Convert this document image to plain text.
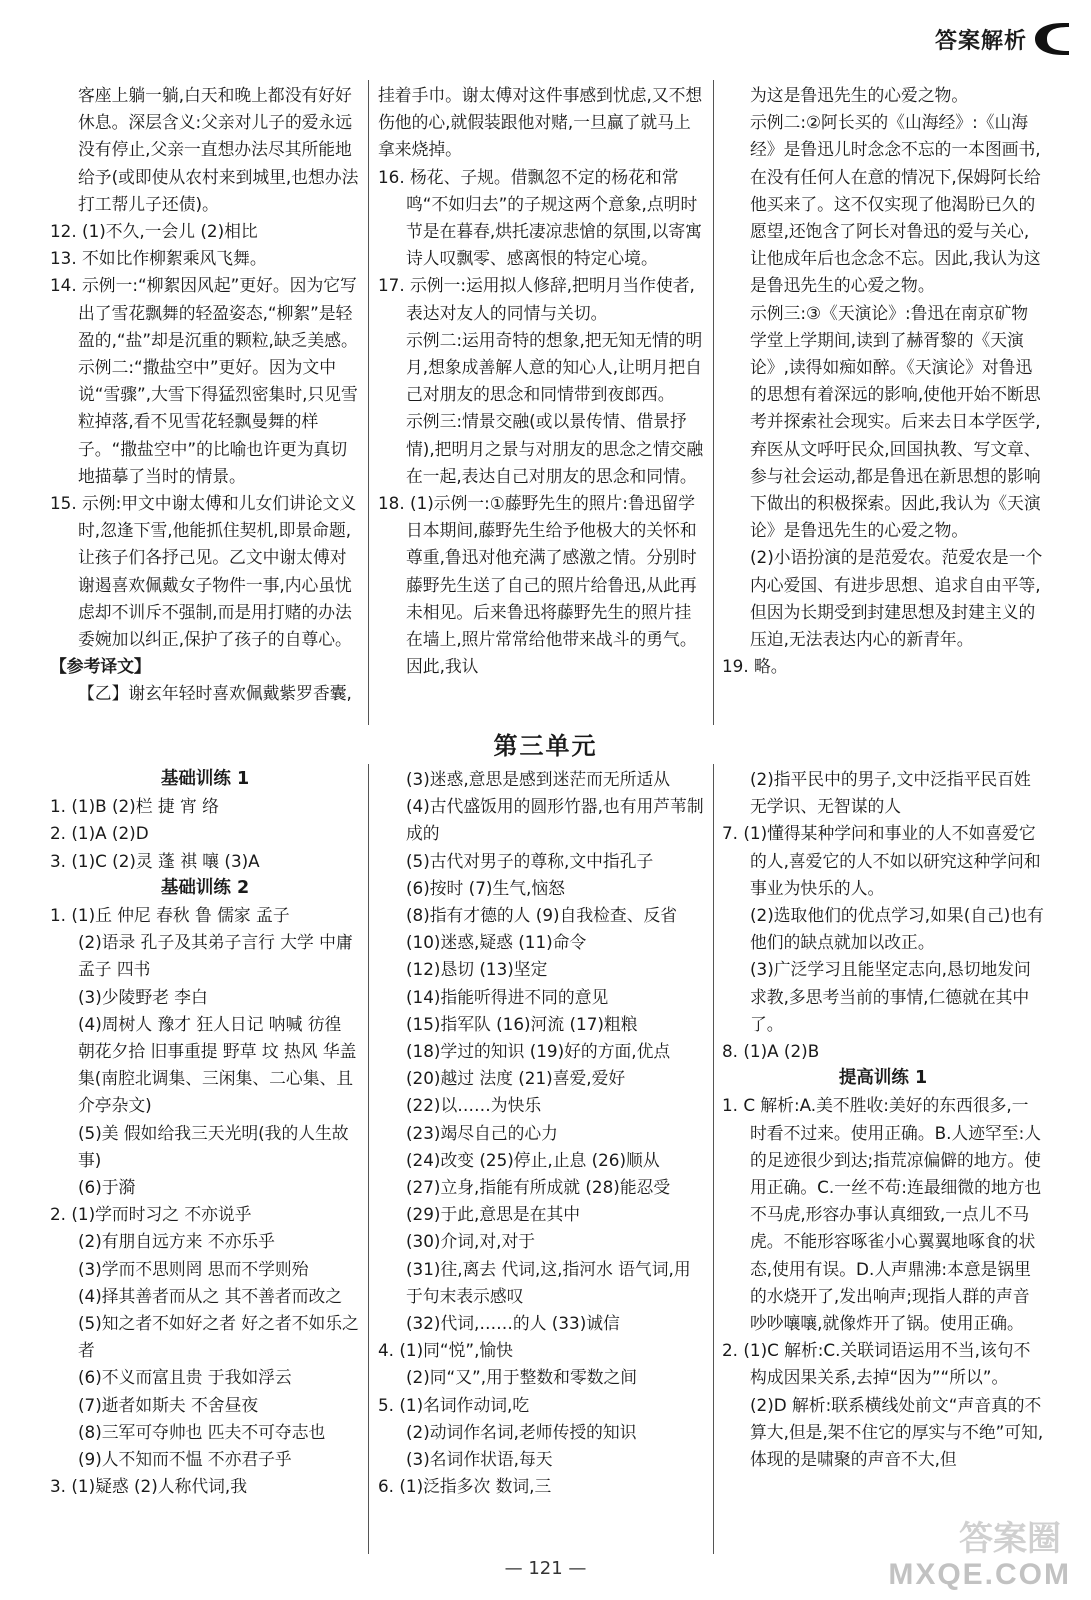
答案解析

客座上躺一躺,白天和晚上都没有好好休息。深层含义:父亲对儿子的爱永远没有停止,父亲一直想办法尽其所能地给予(或即使从农村来到城里,也想办法打工帮儿子还债)。

12. (1)不久,一会儿 (2)相比

13. 不如比作柳絮乘风飞舞。

14. 示例一:“柳絮因风起”更好。因为它写出了雪花飘舞的轻盈姿态,“柳絮”是轻盈的,“盐”却是沉重的颗粒,缺乏美感。

示例二:“撒盐空中”更好。因为文中说“雪骤”,大雪下得猛烈密集时,只见雪粒掉落,看不见雪花轻飘曼舞的样子。“撒盐空中”的比喻也许更为真切地描摹了当时的情景。

15. 示例:甲文中谢太傅和儿女们讲论文义时,忽逢下雪,他能抓住契机,即景命题,让孩子们各抒己见。乙文中谢太傅对谢遏喜欢佩戴女子物件一事,内心虽忧虑却不训斥不强制,而是用打赌的办法委婉加以纠正,保护了孩子的自尊心。

【参考译文】

【乙】谢玄年轻时喜欢佩戴紫罗香囊,

挂着手巾。谢太傅对这件事感到忧虑,又不想伤他的心,就假装跟他对赌,一旦赢了就马上拿来烧掉。

16. 杨花、子规。借飘忽不定的杨花和常鸣“不如归去”的子规这两个意象,点明时节是在暮春,烘托凄凉悲愴的氛围,以寄寓诗人叹飘零、感离恨的特定心境。

17. 示例一:运用拟人修辞,把明月当作使者,表达对友人的同情与关切。

示例二:运用奇特的想象,把无知无情的明月,想象成善解人意的知心人,让明月把自己对朋友的思念和同情带到夜郎西。

示例三:情景交融(或以景传情、借景抒情),把明月之景与对朋友的思念之情交融在一起,表达自己对朋友的思念和同情。

18. (1)示例一:①藤野先生的照片:鲁迅留学日本期间,藤野先生给予他极大的关怀和尊重,鲁迅对他充满了感激之情。分别时藤野先生送了自己的照片给鲁迅,从此再未相见。后来鲁迅将藤野先生的照片挂在墙上,照片常常给他带来战斗的勇气。因此,我认

为这是鲁迅先生的心爱之物。

示例二:②阿长买的《山海经》:《山海经》是鲁迅儿时念念不忘的一本图画书,在没有任何人在意的情况下,保姆阿长给他买来了。这不仅实现了他渴盼已久的愿望,还饱含了阿长对鲁迅的爱与关心,让他成年后也念念不忘。因此,我认为这是鲁迅先生的心爱之物。

示例三:③《天演论》:鲁迅在南京矿物学堂上学期间,读到了赫胥黎的《天演论》,读得如痴如醉。《天演论》对鲁迅的思想有着深远的影响,使他开始不断思考并探索社会现实。后来去日本学医学,弃医从文呼吁民众,回国执教、写文章、参与社会运动,都是鲁迅在新思想的影响下做出的积极探索。因此,我认为《天演论》是鲁迅先生的心爱之物。

(2)小语扮演的是范爱农。范爱农是一个内心爱国、有进步思想、追求自由平等,但因为长期受到封建思想及封建主义的压迫,无法表达内心的新青年。

19. 略。

第三单元

基础训练 1

1. (1)B (2)栏 捷 宵 络

2. (1)A (2)D

3. (1)C (2)灵 蓬 祺 嚷 (3)A

基础训练 2

1. (1)丘 仲尼 春秋 鲁 儒家 孟子

(2)语录 孔子及其弟子言行 大学 中庸 孟子 四书

(3)少陵野老 李白

(4)周树人 豫才 狂人日记 呐喊 彷徨 朝花夕拾 旧事重提 野草 坟 热风 华盖集(南腔北调集、三闲集、二心集、且介亭杂文)

(5)美 假如给我三天光明(我的人生故事)

(6)于漪

2. (1)学而时习之 不亦说乎

(2)有朋自远方来 不亦乐乎

(3)学而不思则罔 思而不学则殆

(4)择其善者而从之 其不善者而改之

(5)知之者不如好之者 好之者不如乐之者

(6)不义而富且贵 于我如浮云

(7)逝者如斯夫 不舍昼夜

(8)三军可夺帅也 匹夫不可夺志也

(9)人不知而不愠 不亦君子乎

3. (1)疑惑 (2)人称代词,我

(3)迷惑,意思是感到迷茫而无所适从

(4)古代盛饭用的圆形竹器,也有用芦苇制成的

(5)古代对男子的尊称,文中指孔子

(6)按时 (7)生气,恼怒

(8)指有才德的人 (9)自我检查、反省

(10)迷惑,疑惑 (11)命令

(12)恳切 (13)坚定

(14)指能听得进不同的意见

(15)指军队 (16)河流 (17)粗粮

(18)学过的知识 (19)好的方面,优点

(20)越过 法度 (21)喜爱,爱好

(22)以……为快乐

(23)竭尽自己的心力

(24)改变 (25)停止,止息 (26)顺从

(27)立身,指能有所成就 (28)能忍受

(29)于此,意思是在其中

(30)介词,对,对于

(31)往,离去 代词,这,指河水 语气词,用于句末表示感叹

(32)代词,……的人 (33)诚信

4. (1)同“悦”,愉快

(2)同“又”,用于整数和零数之间

5. (1)名词作动词,吃

(2)动词作名词,老师传授的知识

(3)名词作状语,每天

6. (1)泛指多次 数词,三

(2)指平民中的男子,文中泛指平民百姓无学识、无智谋的人

7. (1)懂得某种学问和事业的人不如喜爱它的人,喜爱它的人不如以研究这种学问和事业为快乐的人。

(2)选取他们的优点学习,如果(自己)也有他们的缺点就加以改正。

(3)广泛学习且能坚定志向,恳切地发问求教,多思考当前的事情,仁德就在其中了。

8. (1)A (2)B

提高训练 1

1. C 解析:A.美不胜收:美好的东西很多,一时看不过来。使用正确。B.人迹罕至:人的足迹很少到达;指荒凉偏僻的地方。使用正确。C.一丝不苟:连最细微的地方也不马虎,形容办事认真细致,一点儿不马虎。不能形容啄雀小心翼翼地啄食的状态,使用有误。D.人声鼎沸:本意是锅里的水烧开了,发出响声;现指人群的声音吵吵嚷嚷,就像炸开了锅。使用正确。

2. (1)C 解析:C.关联词语运用不当,该句不构成因果关系,去掉“因为”“所以”。

(2)D 解析:联系横线处前文“声音真的不算大,但是,架不住它的厚实与不绝”可知,体现的是啸聚的声音不大,但

— 121 —
答案圈
MXQE.COM
